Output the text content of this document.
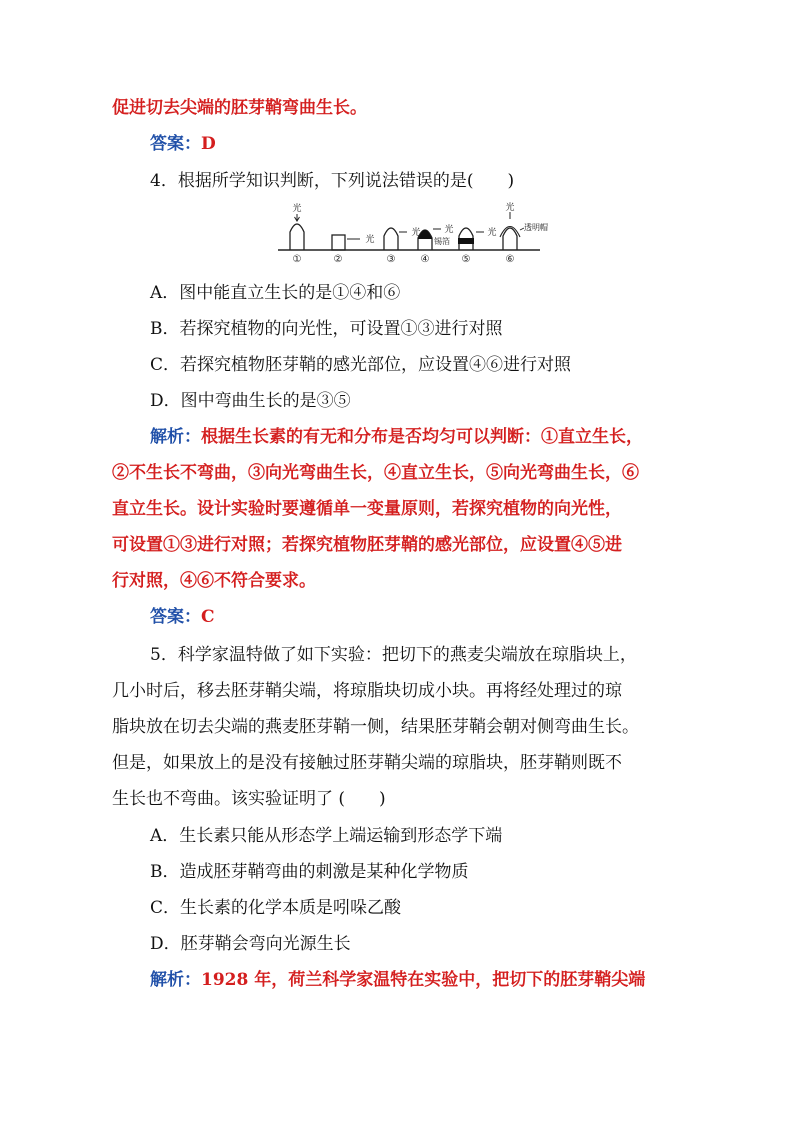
促进切去尖端的胚芽鞘弯曲生长。
答案：D
4．根据所学知识判断，下列说法错误的是(　　)
光
光
光	光
锡箔
光
光
透明帽
①	②	③	④	⑤	⑥
A．图中能直立生长的是①④和⑥
B．若探究植物的向光性，可设置①③进行对照
C．若探究植物胚芽鞘的感光部位，应设置④⑥进行对照
D．图中弯曲生长的是③⑤
解析：根据生长素的有无和分布是否均匀可以判断：①直立生长，
②不生长不弯曲，③向光弯曲生长，④直立生长，⑤向光弯曲生长，⑥
直立生长。设计实验时要遵循单一变量原则，若探究植物的向光性，
可设置①③进行对照；若探究植物胚芽鞘的感光部位，应设置④⑤进
行对照，④⑥不符合要求。
答案：C
5．科学家温特做了如下实验：把切下的燕麦尖端放在琼脂块上，
几小时后，移去胚芽鞘尖端，将琼脂块切成小块。再将经处理过的琼
脂块放在切去尖端的燕麦胚芽鞘一侧，结果胚芽鞘会朝对侧弯曲生长。
但是，如果放上的是没有接触过胚芽鞘尖端的琼脂块，胚芽鞘则既不
生长也不弯曲。该实验证明了 (　　)
A．生长素只能从形态学上端运输到形态学下端
B．造成胚芽鞘弯曲的刺激是某种化学物质
C．生长素的化学本质是吲哚乙酸
D．胚芽鞘会弯向光源生长
解析：1928 年，荷兰科学家温特在实验中，把切下的胚芽鞘尖端
